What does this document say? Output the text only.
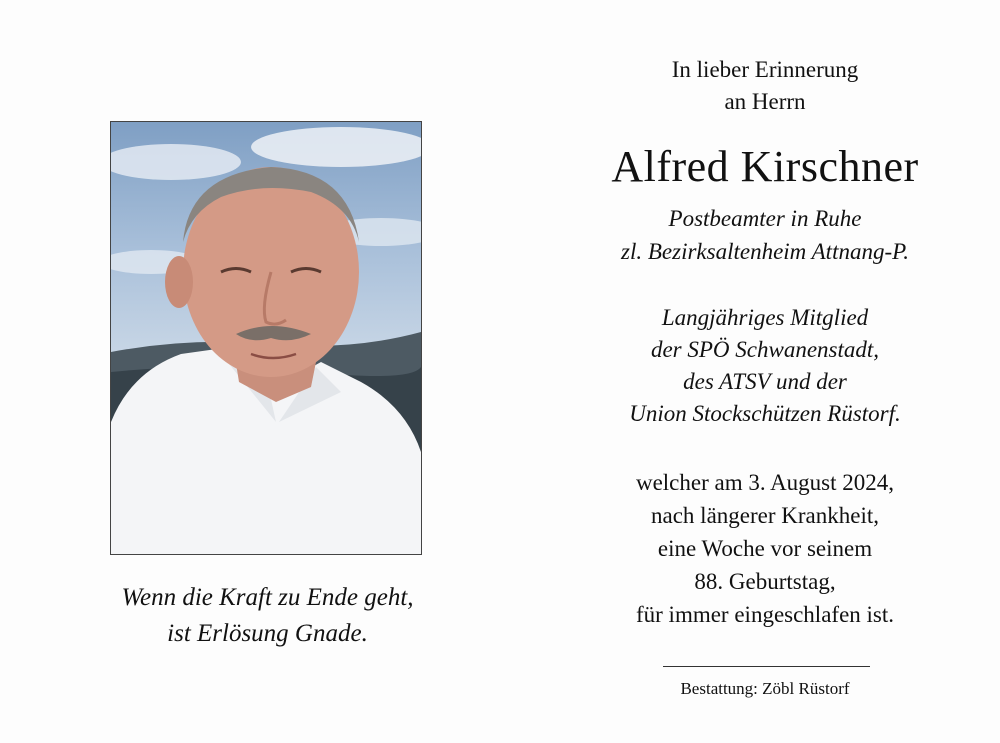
Wenn die Kraft zu Ende geht,
ist Erlösung Gnade.
In lieber Erinnerung
an Herrn
Alfred Kirschner
Postbeamter in Ruhe
zl. Bezirksaltenheim Attnang-P.
Langjähriges Mitglied
der SPÖ Schwanenstadt,
des ATSV und der
Union Stockschützen Rüstorf.
welcher am 3. August 2024,
nach längerer Krankheit,
eine Woche vor seinem
88. Geburtstag,
für immer eingeschlafen ist.
Bestattung: Zöbl Rüstorf
